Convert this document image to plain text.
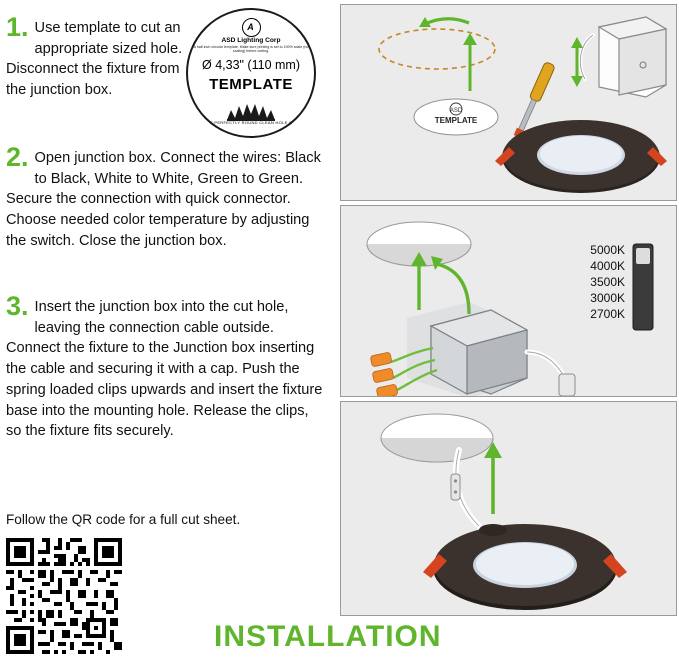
1. Use template to cut an appropriate sized hole. Disconnect the fixture from the junction box.
2. Open junction box. Connect the wires: Black to Black, White to White, Green to Green. Secure the connection with quick connector. Choose needed color temperature by adjusting the switch. Close the junction box.
3. Insert the junction box into the cut hole, leaving the connection cable outside. Connect the fixture to the Junction box inserting the cable and securing it with a cap. Push the spring loaded clips upwards and insert the fixture base into the mounting hole. Release the clips, so the fixture fits securely.
Follow the QR code for a full cut sheet.
A
ASD Lighting Corp
A half-inch circular template. Make sure printing is set to 100% scale (no scaling) before cutting.
Ø 4,33" (110 mm)
TEMPLATE
CUT PERFECTLY ROUND CLEAN HOLE CUT
INSTALLATION
ASD
TEMPLATE
5000K
4000K
3500K
3000K
2700K
